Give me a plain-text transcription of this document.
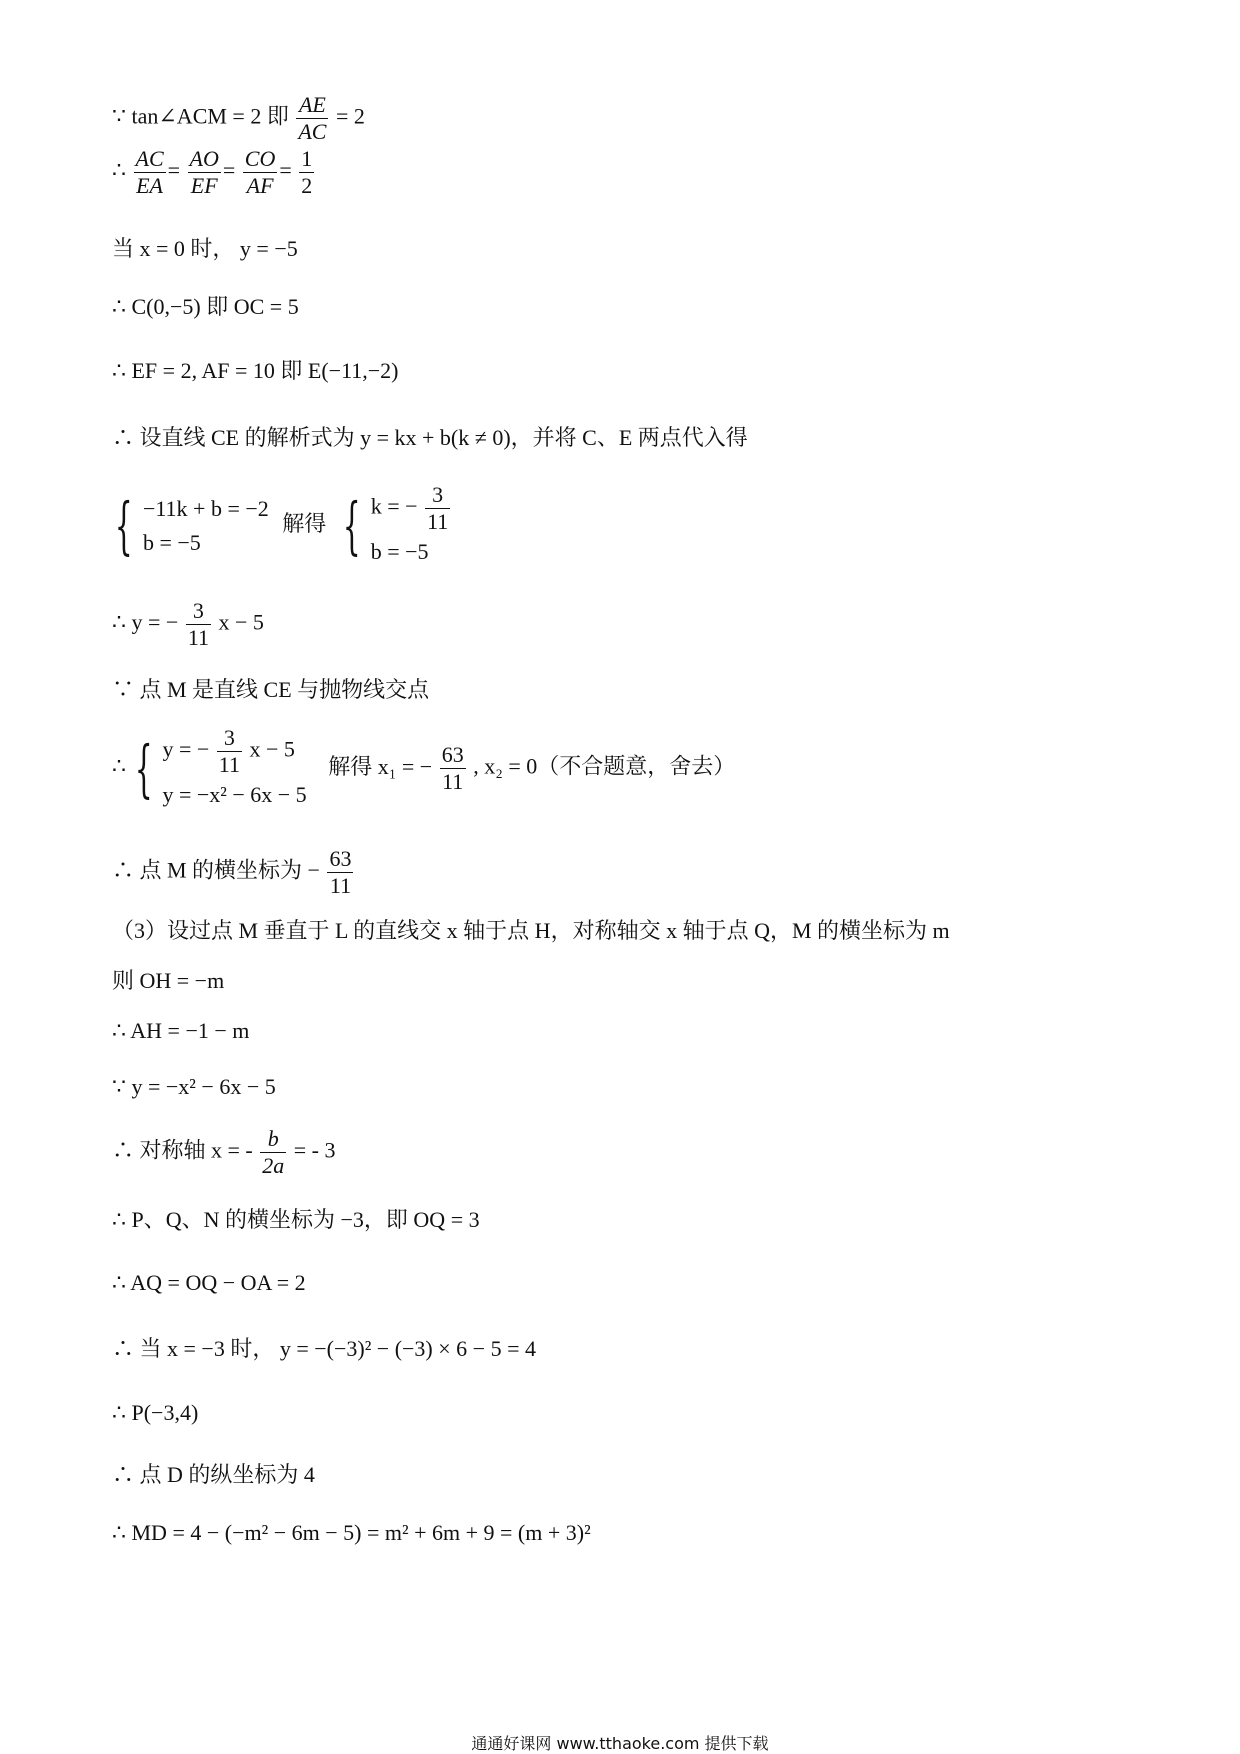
∵ tan∠ACM = 2 即 $\frac{AE}{AC} = 2$
∴ $\frac{AC}{EA} = \frac{AO}{EF} = \frac{CO}{AF} = \frac{1}{2}$
当 x = 0 时， y = −5
∴ C(0,−5) 即 OC = 5
∴ EF = 2, AF = 10 即 E(−11,−2)
∴ 设直线 CE 的解析式为 y = kx + b(k ≠ 0)，并将 C、E 两点代入得
{ −11k + b = −2
b = −5
解得 { k = − $\frac{3}{11}$
b = −5
∴ y = − $\frac{3}{11}$ x − 5
∵ 点 M 是直线 CE 与抛物线交点
∴ { y = − $\frac{3}{11}$ x − 5
y = −x² − 6x − 5
解得 x₁ = − $\frac{63}{11}$ , x₂ = 0（不合题意，舍去）
∴ 点 M 的横坐标为 − $\frac{63}{11}$
（3）设过点 M 垂直于 L 的直线交 x 轴于点 H，对称轴交 x 轴于点 Q，M 的横坐标为 m
则 OH = −m
∴ AH = −1 − m
∵ y = −x² − 6x − 5
∴ 对称轴 x = - $\frac{b}{2a}$ = - 3
∴ P、Q、N 的横坐标为 −3，即 OQ = 3
∴ AQ = OQ − OA = 2
∴ 当 x = −3 时， y = −(−3)² − (−3) × 6 − 5 = 4
∴ P(−3,4)
∴ 点 D 的纵坐标为 4
∴ MD = 4 − (−m² − 6m − 5) = m² + 6m + 9 = (m + 3)²
通通好课网 www.tthaoke.com 提供下载
